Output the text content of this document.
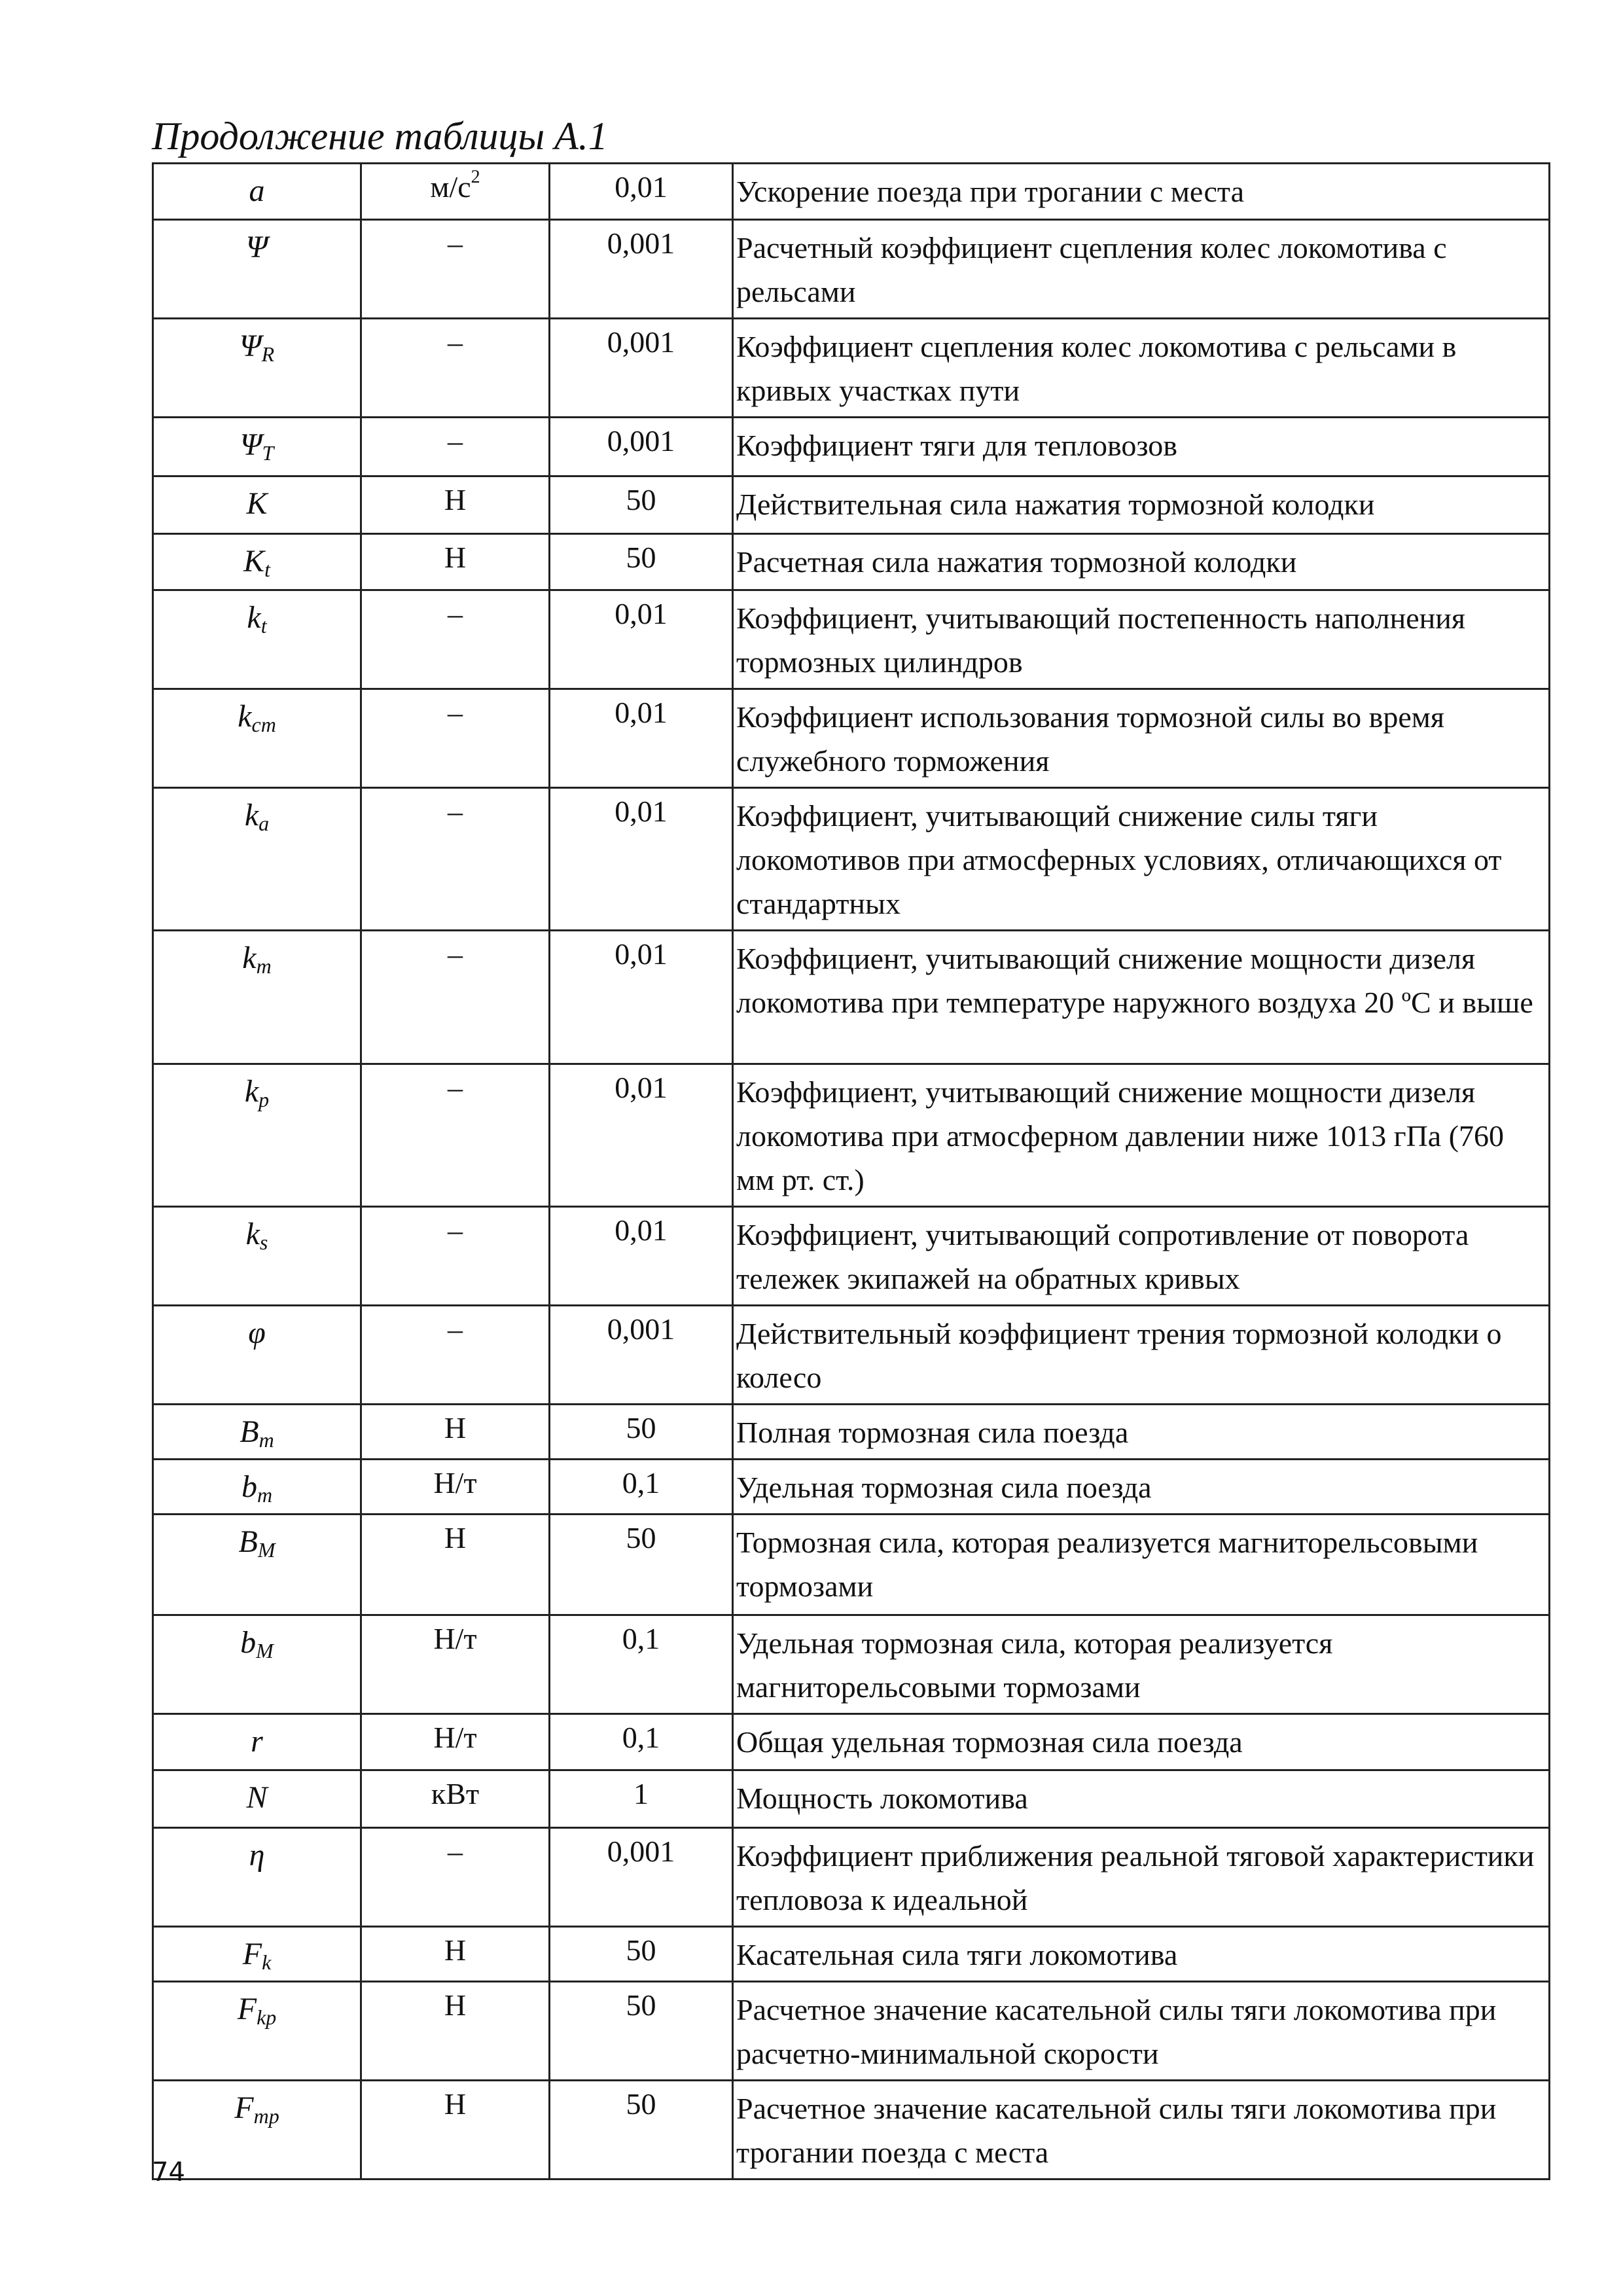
Продолжение таблицы А.1
a	$м/с^2$	0,01	Ускорение поезда при трогании с места
Ψ	–	0,001	Расчетный коэффициент сцепления колес локомотива с рельсами
$\Psi_R$	–	0,001	Коэффициент сцепления колес локомотива с рельсами в кривых участках пути
$\Psi_T$	–	0,001	Коэффициент тяги для тепловозов
K	Н	50	Действительная сила нажатия тормозной колодки
$K_t$	Н	50	Расчетная сила нажатия тормозной колодки
$k_t$	–	0,01	Коэффициент, учитывающий постепенность наполнения тормозных цилиндров
$k_{cm}$	–	0,01	Коэффициент использования тормозной силы во время служебного торможения
$k_a$	–	0,01	Коэффициент, учитывающий снижение силы тяги локомотивов при атмосферных условиях, отличающихся от стандартных
$k_m$	–	0,01	Коэффициент, учитывающий снижение мощности дизеля локомотива при температуре наружного воздуха 20 ºС и выше
$k_p$	–	0,01	Коэффициент, учитывающий снижение мощности дизеля локомотива при атмосферном давлении ниже 1013 гПа (760 мм рт. ст.)
$k_s$	–	0,01	Коэффициент, учитывающий сопротивление от поворота тележек экипажей на обратных кривых
φ	–	0,001	Действительный коэффициент трения тормозной колодки о колесо
$B_m$	Н	50	Полная тормозная сила поезда
$b_m$	Н/т	0,1	Удельная тормозная сила поезда
$B_M$	Н	50	Тормозная сила, которая реализуется магниторельсовыми тормозами
$b_M$	Н/т	0,1	Удельная тормозная сила, которая реализуется магниторельсовыми тормозами
r	Н/т	0,1	Общая удельная тормозная сила поезда
N	кВт	1	Мощность локомотива
η	–	0,001	Коэффициент приближения реальной тяговой характеристики тепловоза к идеальной
$F_k$	Н	50	Касательная сила тяги локомотива
$F_{kp}$	Н	50	Расчетное значение касательной силы тяги локомотива при расчетно-минимальной скорости
$F_{mp}$	Н	50	Расчетное значение касательной силы тяги локомотива при трогании поезда с места
74
